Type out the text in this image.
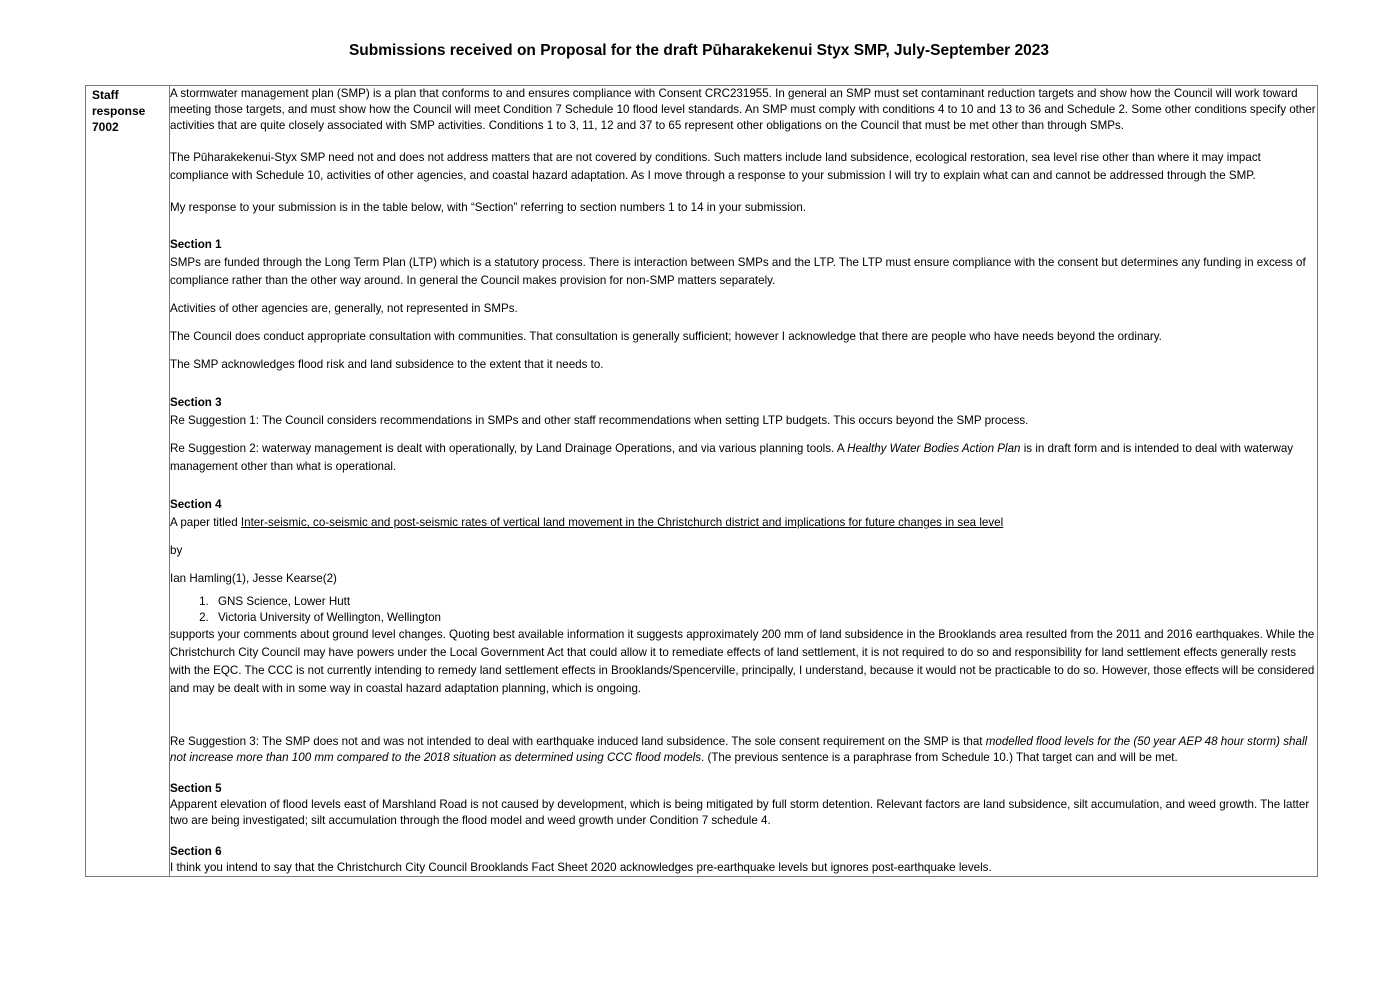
Submissions received on Proposal for the draft Pūharakekenui Styx SMP, July-September 2023
Staff
response
7002

A stormwater management plan (SMP) is a plan that conforms to and ensures compliance with Consent CRC231955. In general an SMP must set contaminant reduction targets and show how the Council will work toward meeting those targets, and must show how the Council will meet Condition 7 Schedule 10 flood level standards. An SMP must comply with conditions 4 to 10 and 13 to 36 and Schedule 2. Some other conditions specify other activities that are quite closely associated with SMP activities. Conditions 1 to 3, 11, 12 and 37 to 65 represent other obligations on the Council that must be met other than through SMPs.

The Pūharakekenui-Styx SMP need not and does not address matters that are not covered by conditions. Such matters include land subsidence, ecological restoration, sea level rise other than where it may impact compliance with Schedule 10, activities of other agencies, and coastal hazard adaptation. As I move through a response to your submission I will try to explain what can and cannot be addressed through the SMP.

My response to your submission is in the table below, with “Section” referring to section numbers 1 to 14 in your submission.

Section 1

SMPs are funded through the Long Term Plan (LTP) which is a statutory process. There is interaction between SMPs and the LTP. The LTP must ensure compliance with the consent but determines any funding in excess of compliance rather than the other way around. In general the Council makes provision for non-SMP matters separately.

Activities of other agencies are, generally, not represented in SMPs.

The Council does conduct appropriate consultation with communities. That consultation is generally sufficient; however I acknowledge that there are people who have needs beyond the ordinary.

The SMP acknowledges flood risk and land subsidence to the extent that it needs to.

Section 3

Re Suggestion 1: The Council considers recommendations in SMPs and other staff recommendations when setting LTP budgets. This occurs beyond the SMP process.

Re Suggestion 2: waterway management is dealt with operationally, by Land Drainage Operations, and via various planning tools. A Healthy Water Bodies Action Plan is in draft form and is intended to deal with waterway management other than what is operational.

Section 4

A paper titled Inter-seismic, co-seismic and post-seismic rates of vertical land movement in the Christchurch district and implications for future changes in sea level

by

Ian Hamling(1), Jesse Kearse(2)

1. GNS Science, Lower Hutt
2. Victoria University of Wellington, Wellington

supports your comments about ground level changes. Quoting best available information it suggests approximately 200 mm of land subsidence in the Brooklands area resulted from the 2011 and 2016 earthquakes. While the Christchurch City Council may have powers under the Local Government Act that could allow it to remediate effects of land settlement, it is not required to do so and responsibility for land settlement effects generally rests with the EQC. The CCC is not currently intending to remedy land settlement effects in Brooklands/Spencerville, principally, I understand, because it would not be practicable to do so. However, those effects will be considered and may be dealt with in some way in coastal hazard adaptation planning, which is ongoing.

Re Suggestion 3: The SMP does not and was not intended to deal with earthquake induced land subsidence. The sole consent requirement on the SMP is that modelled flood levels for the (50 year AEP 48 hour storm) shall not increase more than 100 mm compared to the 2018 situation as determined using CCC flood models. (The previous sentence is a paraphrase from Schedule 10.) That target can and will be met.

Section 5

Apparent elevation of flood levels east of Marshland Road is not caused by development, which is being mitigated by full storm detention. Relevant factors are land subsidence, silt accumulation, and weed growth. The latter two are being investigated; silt accumulation through the flood model and weed growth under Condition 7 schedule 4.

Section 6

I think you intend to say that the Christchurch City Council Brooklands Fact Sheet 2020 acknowledges pre-earthquake levels but ignores post-earthquake levels.
